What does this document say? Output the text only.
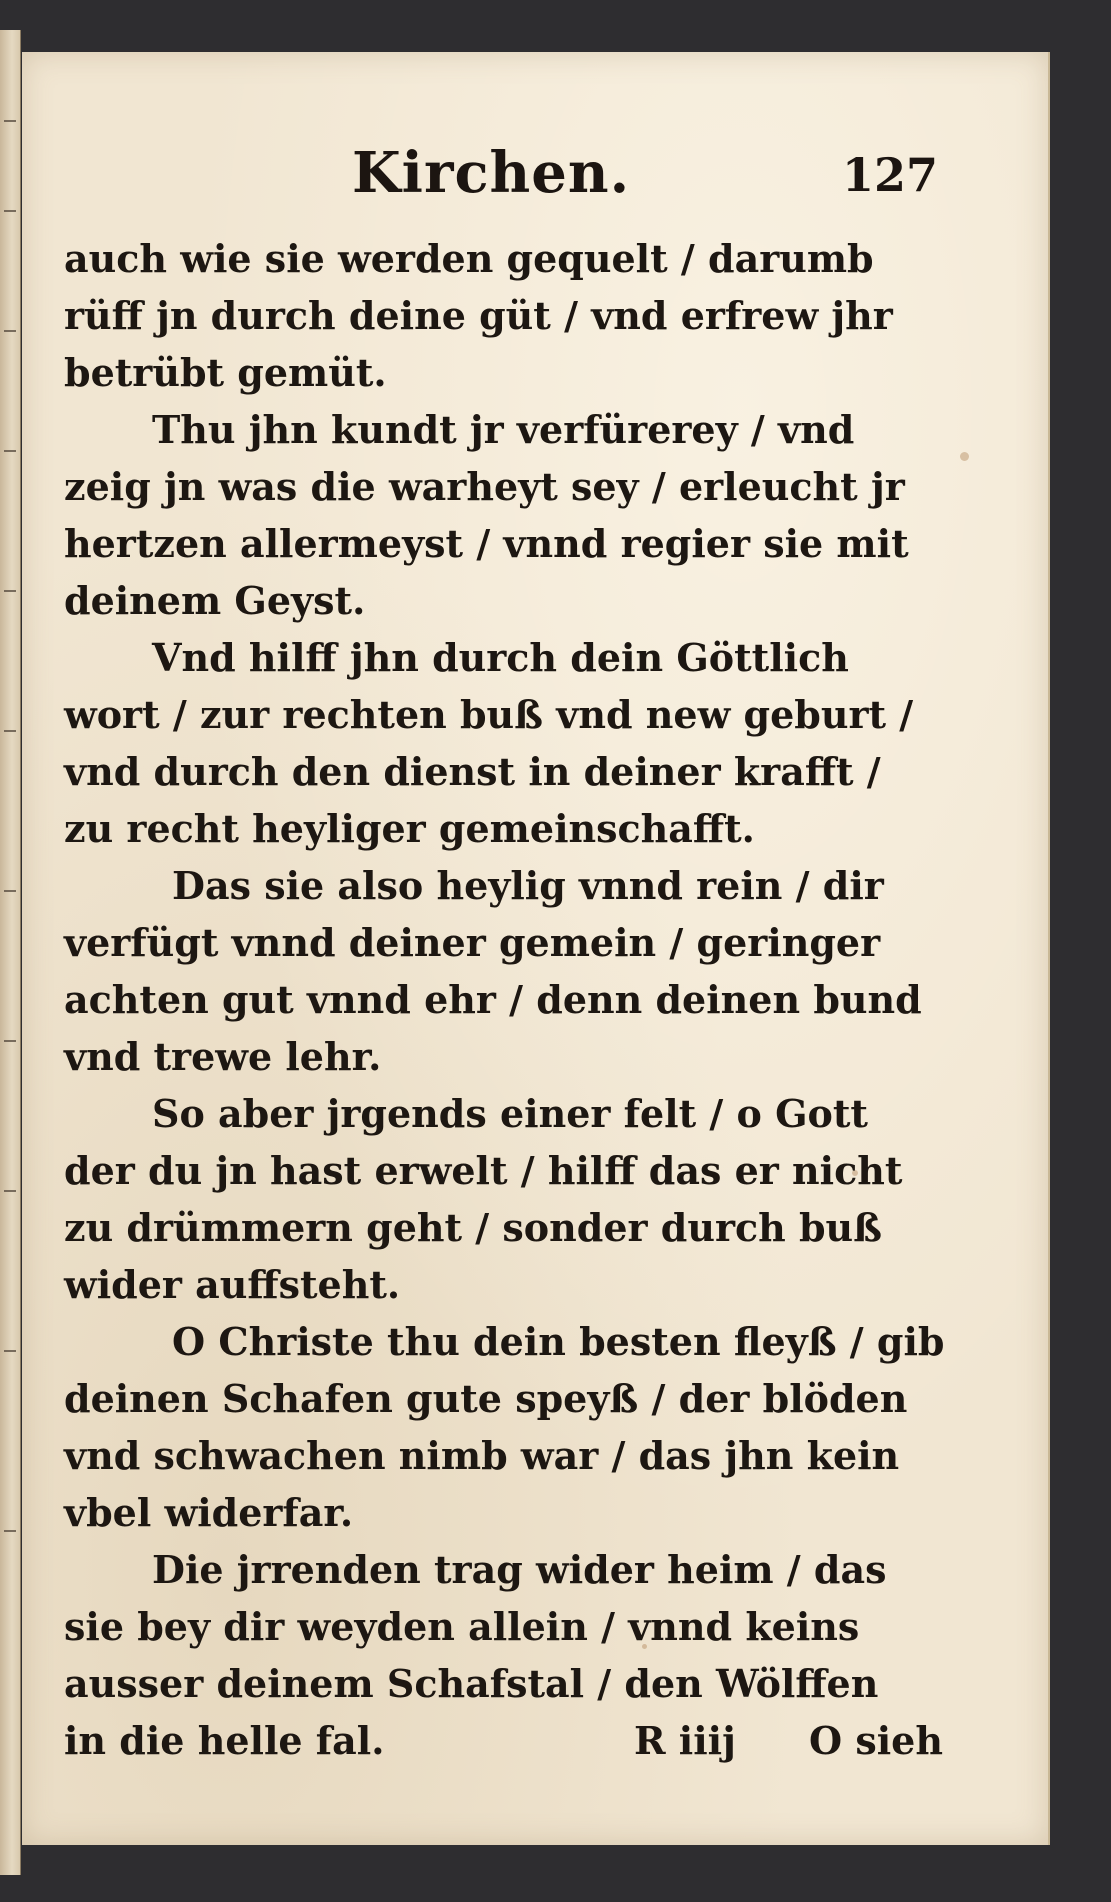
Kirchen.	127
auch wie sie werden gequelt / darumb
rüff jn durch deine güt / vnd erfrew jhr
betrübt gemüt.
Thu jhn kundt jr verfürerey / vnd
zeig jn was die warheyt sey / erleucht jr
hertzen allermeyst / vnnd regier sie mit
deinem Geyst.
Vnd hilff jhn durch dein Göttlich
wort / zur rechten buß vnd new geburt /
vnd durch den dienst in deiner krafft /
zu recht heyliger gemeinschafft.
Das sie also heylig vnnd rein / dir
verfügt vnnd deiner gemein / geringer
achten gut vnnd ehr / denn deinen bund
vnd trewe lehr.
So aber jrgends einer felt / o Gott
der du jn hast erwelt / hilff das er nicht
zu drümmern geht / sonder durch buß
wider auffsteht.
O Christe thu dein besten fleyß / gib
deinen Schafen gute speyß / der blöden
vnd schwachen nimb war / das jhn kein
vbel widerfar.
Die jrrenden trag wider heim / das
sie bey dir weyden allein / vnnd keins
ausser deinem Schafstal / den Wölffen
in die helle fal.	R iiij O sieh
